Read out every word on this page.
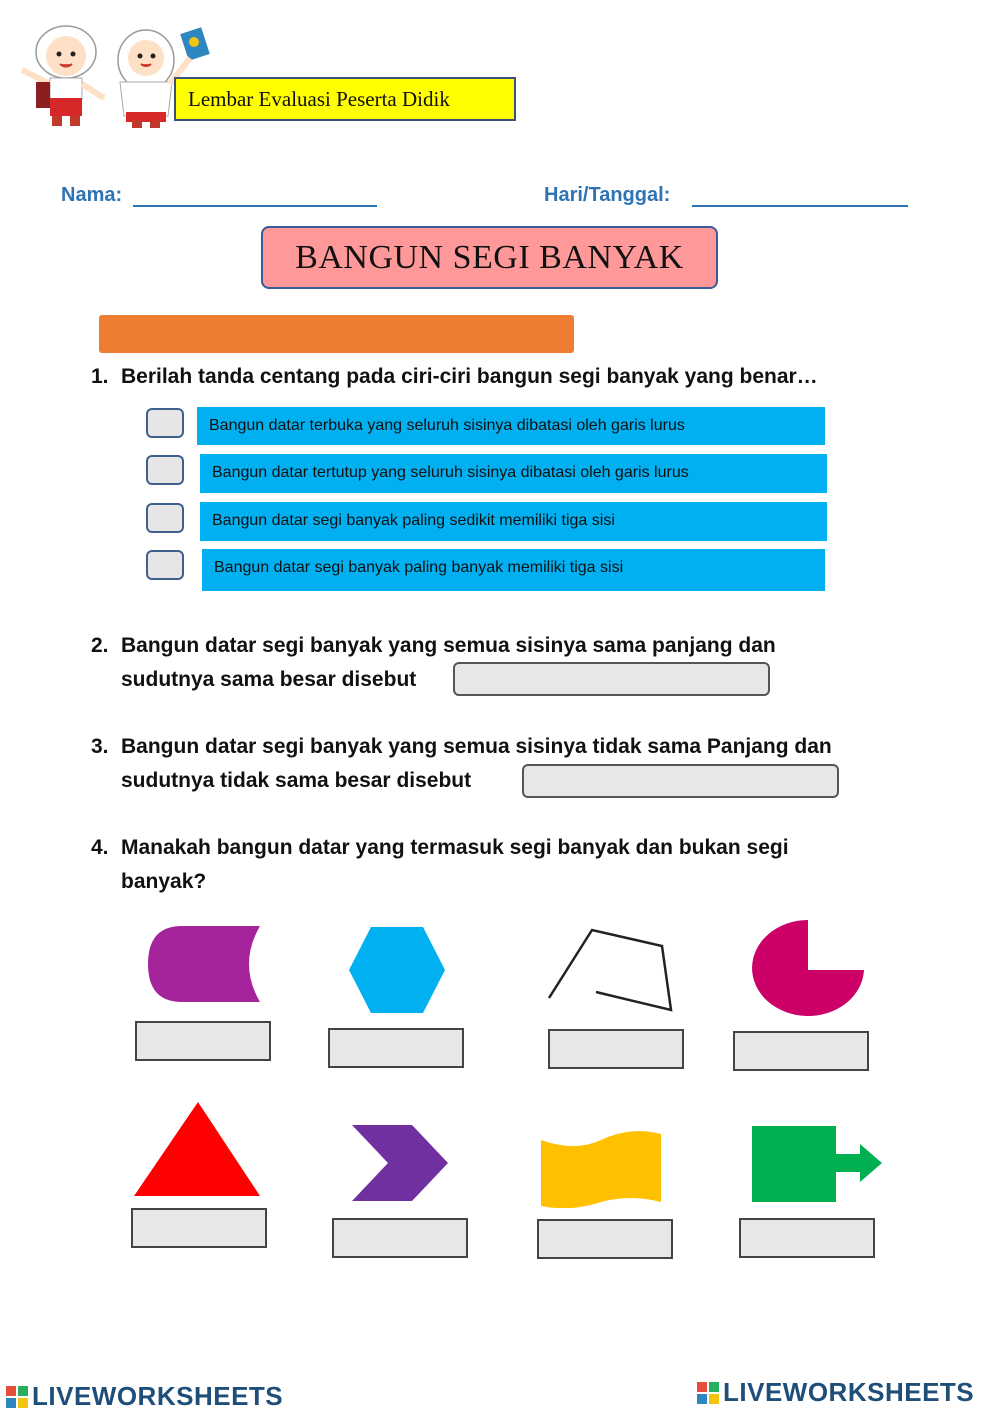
Lembar Evaluasi Peserta Didik
Nama:	Hari/Tanggal:
BANGUN SEGI BANYAK
1. Berilah tanda centang pada ciri-ciri bangun segi banyak yang benar…
Bangun datar terbuka yang seluruh sisinya dibatasi oleh garis lurus
Bangun datar tertutup yang seluruh sisinya dibatasi oleh garis lurus
Bangun datar segi banyak paling sedikit memiliki tiga sisi
Bangun datar segi banyak paling banyak memiliki tiga sisi
2. Bangun datar segi banyak yang semua sisinya sama panjang dan
sudutnya sama besar disebut
3. Bangun datar segi banyak yang semua sisinya tidak sama Panjang dan
sudutnya tidak sama besar disebut
4. Manakah bangun datar yang termasuk segi banyak dan bukan segi
banyak?
LIVEWORKSHEETS	LIVEWORKSHEETS
